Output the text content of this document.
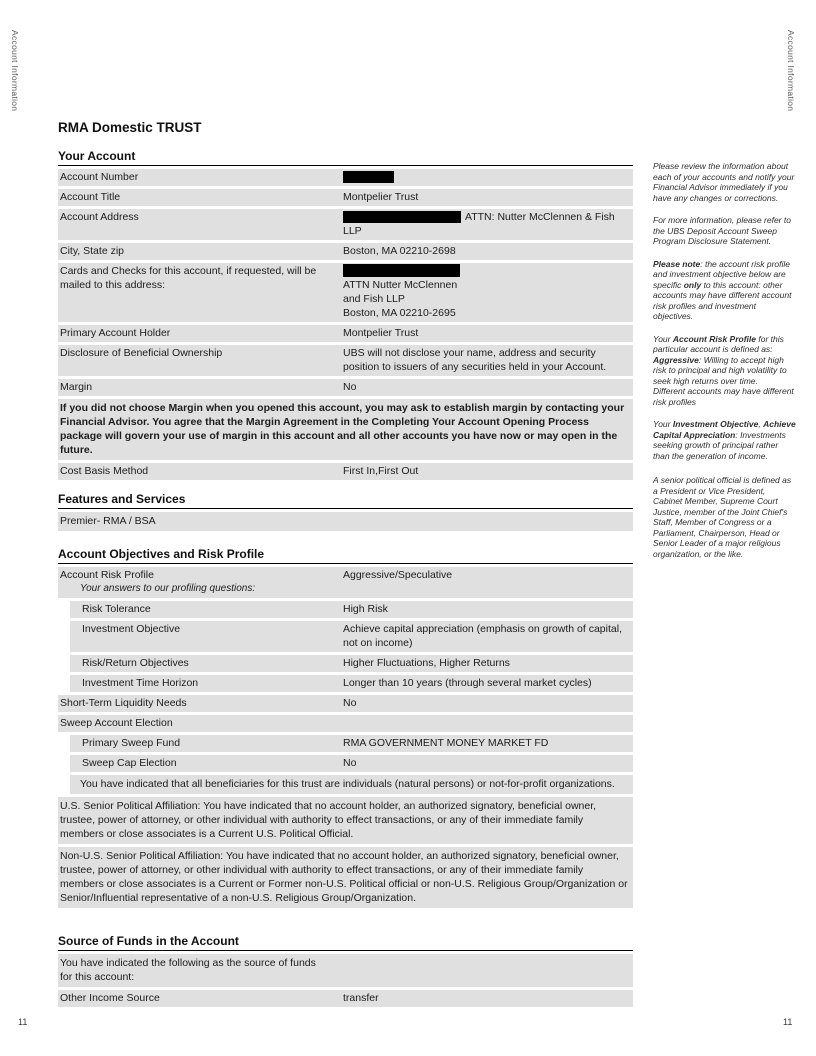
Account Information	Account Information
RMA Domestic TRUST
Your Account
Account Number
Account Title	Montpelier Trust
Account Address	ATTN: Nutter McClennen & Fish
LLP
City, State zip	Boston, MA 02210-2698
Cards and Checks for this account, if requested, will be mailed to this address:	ATTN Nutter McClennen
and Fish LLP
Boston, MA 02210-2695
Primary Account Holder	Montpelier Trust
Disclosure of Beneficial Ownership	UBS will not disclose your name, address and security position to issuers of any securities held in your Account.
Margin	No
If you did not choose Margin when you opened this account, you may ask to establish margin by contacting your Financial Advisor. You agree that the Margin Agreement in the Completing Your Account Opening Process package will govern your use of margin in this account and all other accounts you have now or may open in the future.
Cost Basis Method	First In,First Out
Features and Services
Premier- RMA / BSA
Account Objectives and Risk Profile
Account Risk Profile	Aggressive/Speculative
Your answers to our profiling questions:
Risk Tolerance	High Risk
Investment Objective	Achieve capital appreciation (emphasis on growth of capital, not on income)
Risk/Return Objectives	Higher Fluctuations, Higher Returns
Investment Time Horizon	Longer than 10 years (through several market cycles)
Short-Term Liquidity Needs	No
Sweep Account Election
Primary Sweep Fund	RMA GOVERNMENT MONEY MARKET FD
Sweep Cap Election	No
You have indicated that all beneficiaries for this trust are individuals (natural persons) or not-for-profit organizations.
U.S. Senior Political Affiliation: You have indicated that no account holder, an authorized signatory, beneficial owner, trustee, power of attorney, or other individual with authority to effect transactions, or any of their immediate family members or close associates is a Current U.S. Political Official.
Non-U.S. Senior Political Affiliation: You have indicated that no account holder, an authorized signatory, beneficial owner, trustee, power of attorney, or other individual with authority to effect transactions, or any of their immediate family members or close associates is a Current or Former non-U.S. Political official or non-U.S. Religious Group/Organization or Senior/Influential representative of a non-U.S. Religious Group/Organization.
Source of Funds in the Account
You have indicated the following as the source of funds for this account:
Other Income Source	transfer

Please review the information about each of your accounts and notify your Financial Advisor immediately if you have any changes or corrections.

For more information, please refer to the UBS Deposit Account Sweep Program Disclosure Statement.

Please note: the account risk profile and investment objective below are specific only to this account: other accounts may have different account risk profiles and investment objectives.

Your Account Risk Profile for this particular account is defined as:
Aggressive: Willing to accept high risk to principal and high volatility to seek high returns over time.
Different accounts may have different risk profiles

Your Investment Objective, Achieve Capital Appreciation: Investments seeking growth of principal rather than the generation of income.

A senior political official is defined as a President or Vice President, Cabinet Member, Supreme Court Justice, member of the Joint Chief's Staff, Member of Congress or a Parliament, Chairperson, Head or Senior Leader of a major religious organization, or the like.

11	11
